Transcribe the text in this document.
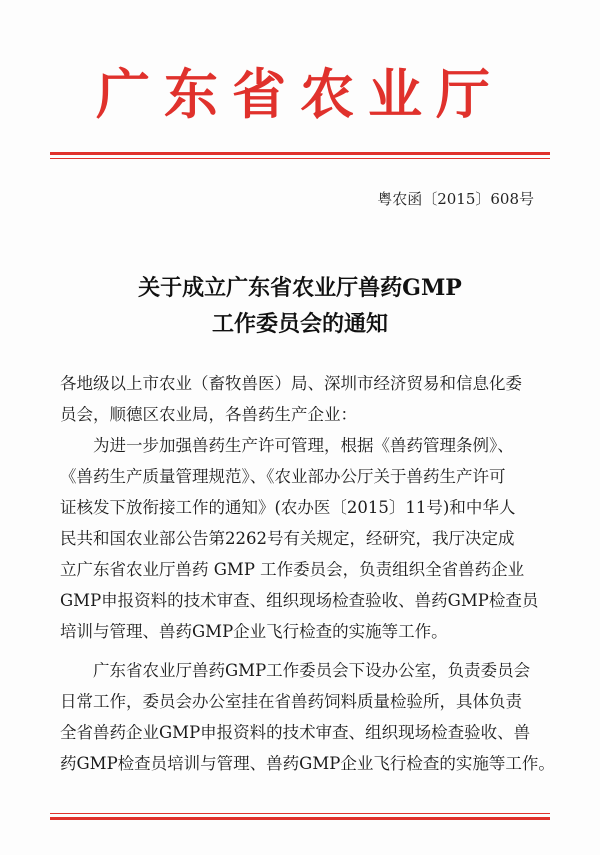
广东省农业厅
粤农函〔2015〕608号
关于成立广东省农业厅兽药GMP
工作委员会的通知
各地级以上市农业（畜牧兽医）局、深圳市经济贸易和信息化委
员会，顺德区农业局，各兽药生产企业：
为进一步加强兽药生产许可管理，根据《兽药管理条例》、
《兽药生产质量管理规范》、《农业部办公厅关于兽药生产许可
证核发下放衔接工作的通知》(农办医〔2015〕11号)和中华人
民共和国农业部公告第2262号有关规定，经研究，我厅决定成
立广东省农业厅兽药 GMP 工作委员会，负责组织全省兽药企业
GMP申报资料的技术审查、组织现场检查验收、兽药GMP检查员
培训与管理、兽药GMP企业飞行检查的实施等工作。
广东省农业厅兽药GMP工作委员会下设办公室，负责委员会
日常工作，委员会办公室挂在省兽药饲料质量检验所，具体负责
全省兽药企业GMP申报资料的技术审查、组织现场检查验收、兽
药GMP检查员培训与管理、兽药GMP企业飞行检查的实施等工作。
